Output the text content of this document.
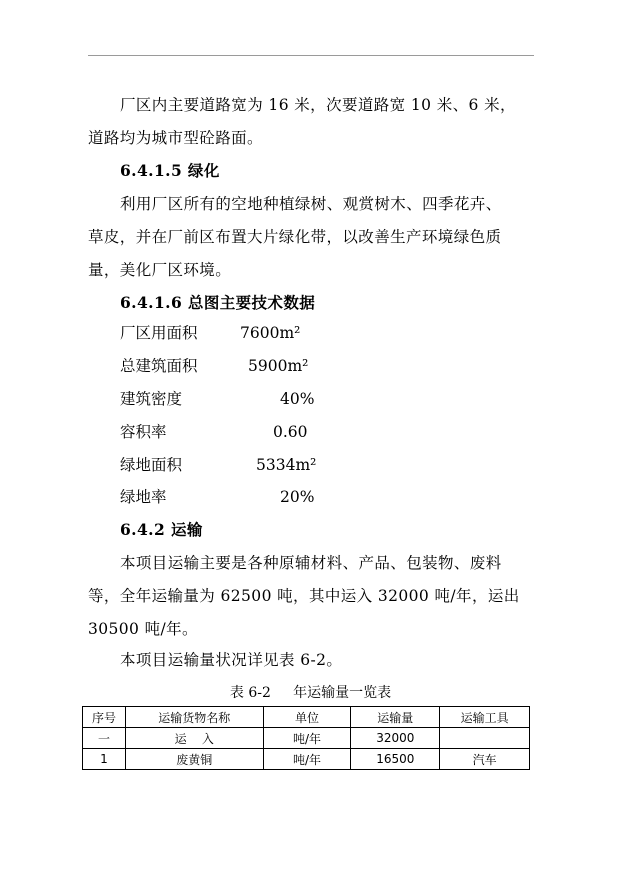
厂区内主要道路宽为 16 米，次要道路宽 10 米、6 米，
道路均为城市型砼路面。
6.4.1.5 绿化
利用厂区所有的空地种植绿树、观赏树木、四季花卉、
草皮，并在厂前区布置大片绿化带，以改善生产环境绿色质
量，美化厂区环境。
6.4.1.6 总图主要技术数据
厂区用面积	7600m²
总建筑面积	5900m²
建筑密度	40%
容积率	0.60
绿地面积	5334m²
绿地率	20%
6.4.2 运输
本项目运输主要是各种原辅材料、产品、包装物、废料
等，全年运输量为 62500 吨，其中运入 32000 吨/年，运出
30500 吨/年。
本项目运输量状况详见表 6-2。
表 6-2     年运输量一览表
序号	运输货物名称	单位	运输量	运输工具
一	运    入	吨/年	32000	
1	废黄铜	吨/年	16500	汽车
